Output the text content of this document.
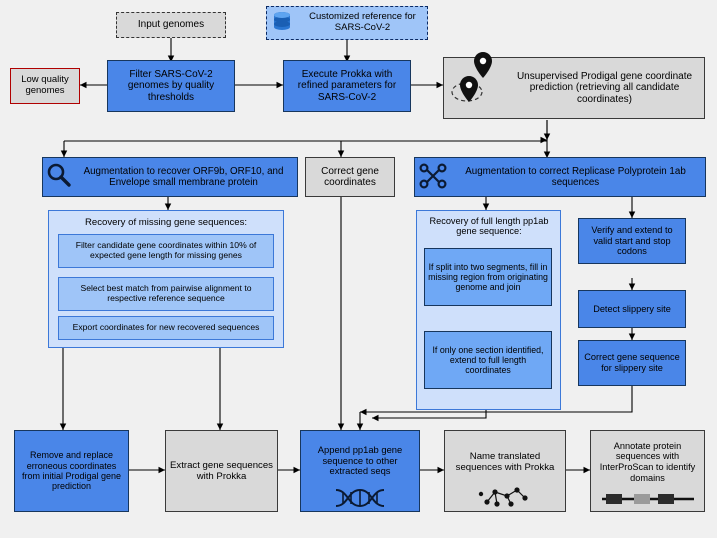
Input genomes
Customized reference for SARS-CoV-2
Low quality genomes
Filter SARS-CoV-2 genomes by quality thresholds
Execute Prokka with refined parameters for SARS-CoV-2
Unsupervised Prodigal gene coordinate prediction (retrieving all candidate coordinates)
Augmentation to recover ORF9b, ORF10, and Envelope small membrane protein
Correct gene coordinates
Augmentation to correct Replicase Polyprotein 1ab sequences
Recovery of missing gene sequences:
Filter candidate gene coordinates within 10% of expected gene length for missing genes
Select best match from pairwise alignment to respective reference sequence
Export coordinates for new recovered sequences
Recovery of full length pp1ab gene sequence:
If split into two segments, fill in missing region from originating genome and join
If only one section identified, extend to full length coordinates
Verify and extend to valid start and stop codons
Detect slippery site
Correct gene sequence for slippery site
Remove and replace erroneous coordinates from initial Prodigal gene prediction
Extract gene sequences with Prokka
Append pp1ab gene sequence to other extracted seqs
Name translated sequences with Prokka
Annotate protein sequences with InterProScan to identify domains
